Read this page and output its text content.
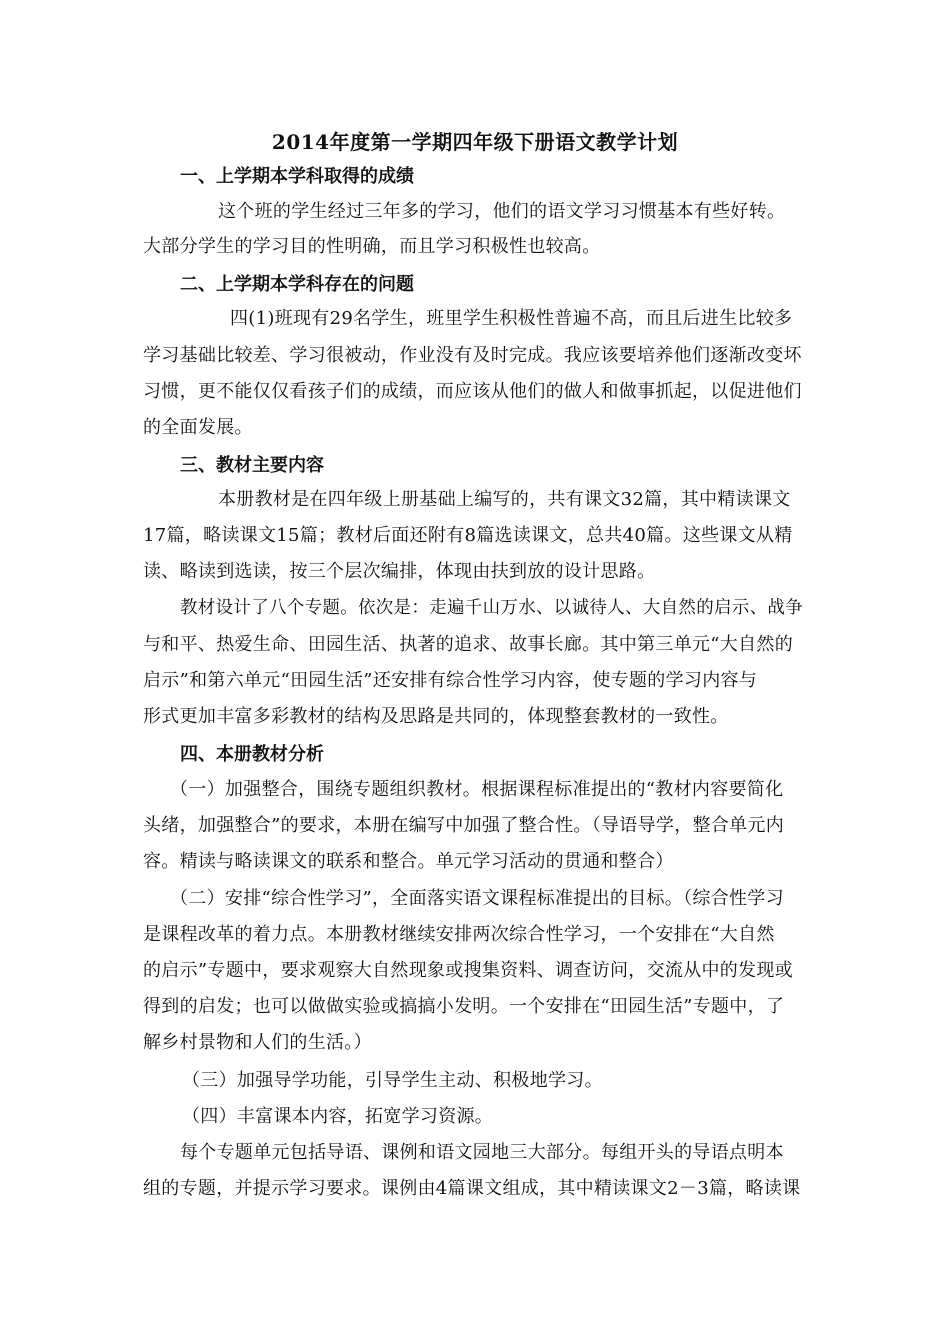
2014年度第一学期四年级下册语文教学计划
一、上学期本学科取得的成绩
这个班的学生经过三年多的学习，他们的语文学习习惯基本有些好转。
大部分学生的学习目的性明确，而且学习积极性也较高。
二、上学期本学科存在的问题
四(1)班现有29名学生，班里学生积极性普遍不高，而且后进生比较多
学习基础比较差、学习很被动，作业没有及时完成。我应该要培养他们逐渐改变坏
习惯，更不能仅仅看孩子们的成绩，而应该从他们的做人和做事抓起，以促进他们
的全面发展。
三、教材主要内容
本册教材是在四年级上册基础上编写的，共有课文32篇，其中精读课文
17篇，略读课文15篇；教材后面还附有8篇选读课文，总共40篇。这些课文从精
读、略读到选读，按三个层次编排，体现由扶到放的设计思路。
教材设计了八个专题。依次是：走遍千山万水、以诚待人、大自然的启示、战争
与和平、热爱生命、田园生活、执著的追求、故事长廊。其中第三单元“大自然的
启示”和第六单元“田园生活”还安排有综合性学习内容，使专题的学习内容与
形式更加丰富多彩教材的结构及思路是共同的，体现整套教材的一致性。
四、本册教材分析
（一）加强整合，围绕专题组织教材。根据课程标准提出的“教材内容要简化
头绪，加强整合”的要求，本册在编写中加强了整合性。（导语导学，整合单元内
容。精读与略读课文的联系和整合。单元学习活动的贯通和整合）
（二）安排“综合性学习”，全面落实语文课程标准提出的目标。（综合性学习
是课程改革的着力点。本册教材继续安排两次综合性学习，一个安排在“大自然
的启示”专题中，要求观察大自然现象或搜集资料、调查访问，交流从中的发现或
得到的启发；也可以做做实验或搞搞小发明。一个安排在“田园生活”专题中，了
解乡村景物和人们的生活。）
（三）加强导学功能，引导学生主动、积极地学习。
（四）丰富课本内容，拓宽学习资源。
每个专题单元包括导语、课例和语文园地三大部分。每组开头的导语点明本
组的专题，并提示学习要求。课例由4篇课文组成，其中精读课文2－3篇，略读课
